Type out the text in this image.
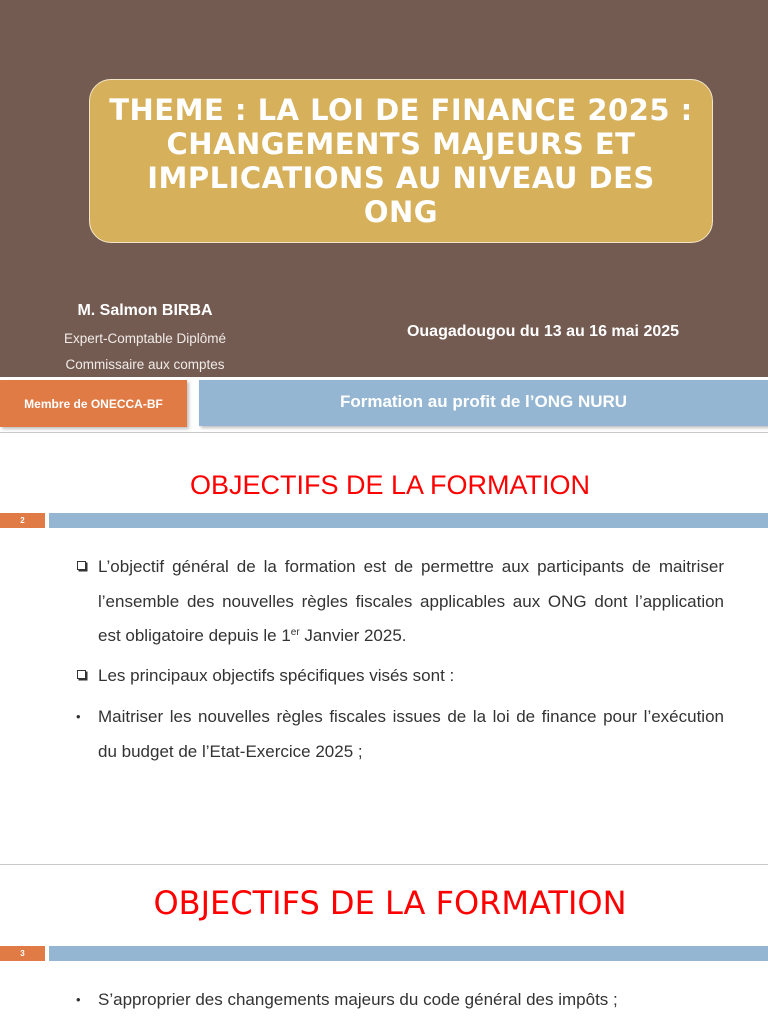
THEME : LA LOI DE FINANCE 2025 : CHANGEMENTS MAJEURS ET IMPLICATIONS AU NIVEAU DES ONG
M. Salmon BIRBA
Expert-Comptable Diplômé
Commissaire aux comptes
Ouagadougou du 13 au 16 mai 2025
Membre de ONECCA-BF	Formation au profit de l’ONG NURU
OBJECTIFS DE LA FORMATION
2

L’objectif général de la formation est de permettre aux participants de maitriser l’ensemble des nouvelles règles fiscales applicables aux ONG dont l’application est obligatoire depuis le 1er Janvier 2025.

Les principaux objectifs spécifiques visés sont :

•	Maitriser les nouvelles règles fiscales issues de la loi de finance pour l’exécution du budget de l’Etat-Exercice 2025 ;

OBJECTIFS DE LA FORMATION
3

•	S’approprier des changements majeurs du code général des impôts ;
